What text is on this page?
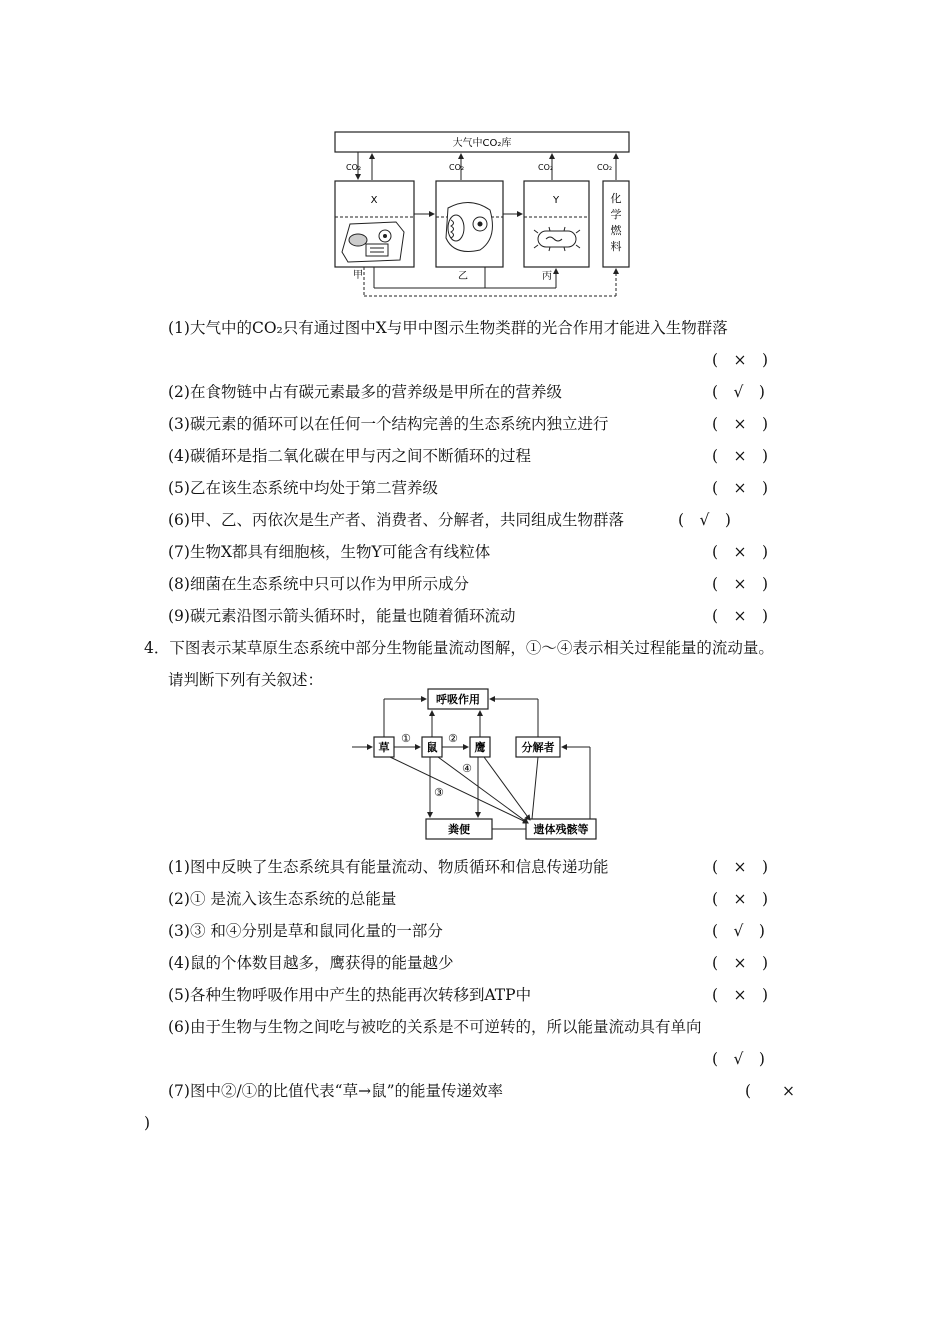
大气中CO₂库
CO₂	CO₂	CO₂	CO₂
X
甲	乙
Y
丙
化
学
燃
料
(1)大气中的CO₂只有通过图中X与甲中图示生物类群的光合作用才能进入生物群落
(　×　)
(2)在食物链中占有碳元素最多的营养级是甲所在的营养级	(　√　)
(3)碳元素的循环可以在任何一个结构完善的生态系统内独立进行	(　×　)
(4)碳循环是指二氧化碳在甲与丙之间不断循环的过程	(　×　)
(5)乙在该生态系统中均处于第二营养级	(　×　)
(6)甲、乙、丙依次是生产者、消费者、分解者，共同组成生物群落	(　√　)
(7)生物X都具有细胞核，生物Y可能含有线粒体	(　×　)
(8)细菌在生态系统中只可以作为甲所示成分	(　×　)
(9)碳元素沿图示箭头循环时，能量也随着循环流动	(　×　)
4．下图表示某草原生态系统中部分生物能量流动图解，①～④表示相关过程能量的流动量。
请判断下列有关叙述：
呼吸作用
草	鼠	鹰	分解者
粪便	遗体残骸等
①	②
③
④
(1)图中反映了生态系统具有能量流动、物质循环和信息传递功能	(　×　)
(2)① 是流入该生态系统的总能量	(　×　)
(3)③ 和④分别是草和鼠同化量的一部分	(　√　)
(4)鼠的个体数目越多，鹰获得的能量越少	(　×　)
(5)各种生物呼吸作用中产生的热能再次转移到ATP中	(　×　)
(6)由于生物与生物之间吃与被吃的关系是不可逆转的，所以能量流动具有单向
(　√　)
(7)图中②/①的比值代表“草→鼠”的能量传递效率	(　　×
)
